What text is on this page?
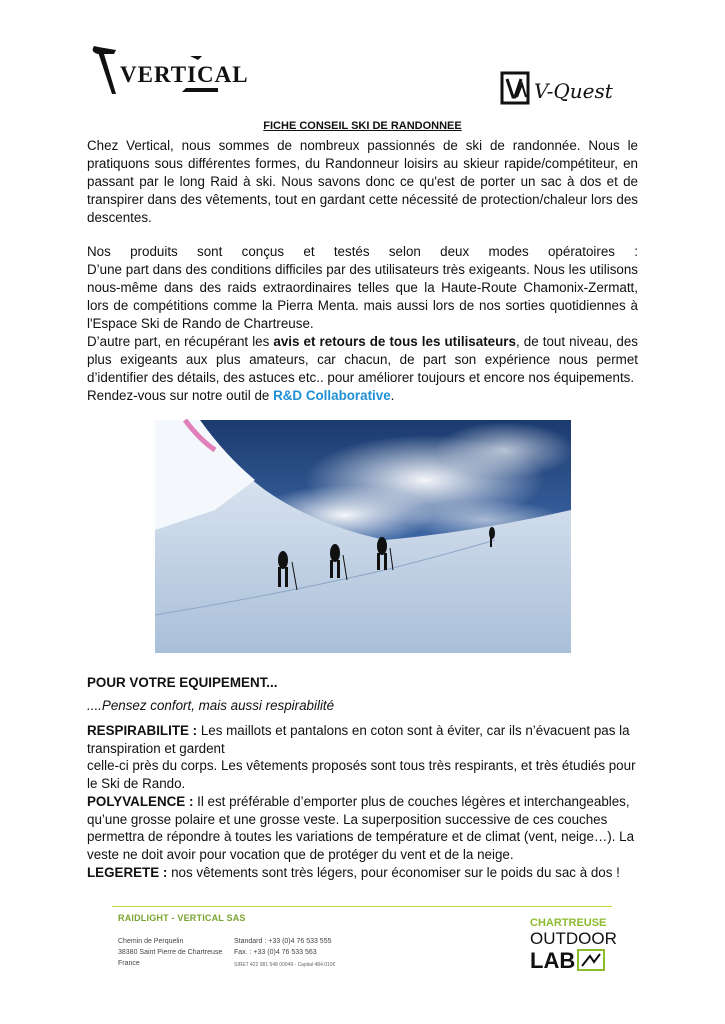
VERTICAL
V-Quest
FICHE CONSEIL SKI DE RANDONNEE

Chez Vertical, nous sommes de nombreux passionnés de ski de randonnée. Nous le pratiquons sous différentes formes, du Randonneur loisirs au skieur rapide/compétiteur, en passant par le long Raid à ski. Nous savons donc ce qu'est de porter un sac à dos et de transpirer dans des vêtements, tout en gardant cette nécessité de protection/chaleur lors des descentes.

Nos produits sont conçus et testés selon deux modes opératoires :

D’une part dans des conditions difficiles par des utilisateurs très exigeants. Nous les utilisons nous-même dans des raids extraordinaires telles que la Haute-Route Chamonix-Zermatt, lors de compétitions comme la Pierra Menta. mais aussi lors de nos sorties quotidiennes à l'Espace Ski de Rando de Chartreuse.

D’autre part, en récupérant les avis et retours de tous les utilisateurs, de tout niveau, des plus exigeants aux plus amateurs, car chacun, de part son expérience nous permet d’identifier des détails, des astuces etc.. pour améliorer toujours et encore nos équipements.

Rendez-vous sur notre outil de R&D Collaborative.

POUR VOTRE EQUIPEMENT...
....Pensez confort, mais aussi respirabilité

RESPIRABILITE : Les maillots et pantalons en coton sont à éviter, car ils n’évacuent pas la transpiration et gardent

celle-ci près du corps. Les vêtements proposés sont tous très respirants, et très étudiés pour le Ski de Rando.

POLYVALENCE : Il est préférable d’emporter plus de couches légères et interchangeables, qu’une grosse polaire et une grosse veste. La superposition successive de ces couches

permettra de répondre à toutes les variations de température et de climat (vent, neige…). La veste ne doit avoir pour vocation que de protéger du vent et de la neige.

LEGERETE : nos vêtements sont très légers, pour économiser sur le poids du sac à dos !

RAIDLIGHT - VERTICAL SAS
Chemin de Perquelin
38380 Saint Pierre de Chartreuse
France
Standard : +33 (0)4 76 533 555
Fax. : +33 (0)4 76 533 563
SIRET 422 981 548 00049 - Capital 484.010€
CHARTREUSE
OUTDOOR
LAB
